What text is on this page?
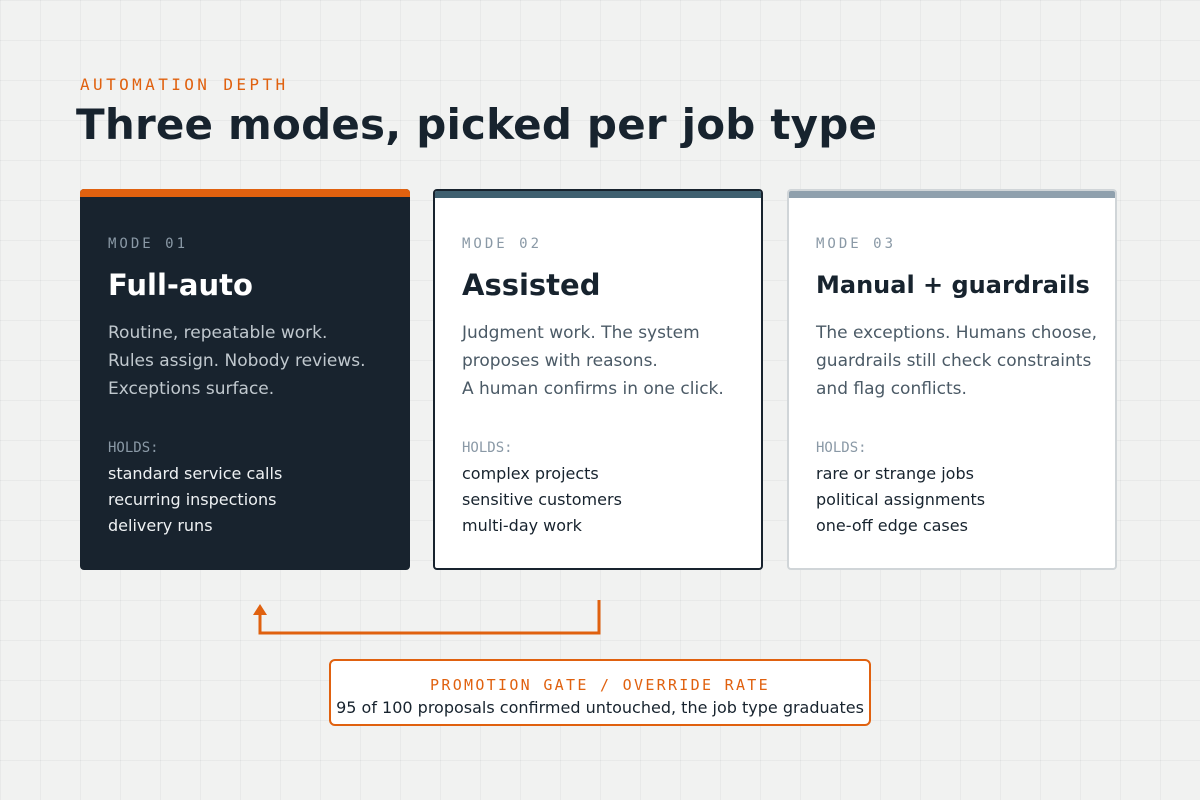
AUTOMATION DEPTH
Three modes, picked per job type
MODE 01
Full-auto
Routine, repeatable work.
Rules assign. Nobody reviews.
Exceptions surface.
HOLDS:
standard service calls
recurring inspections
delivery runs
MODE 02
Assisted
Judgment work. The system
proposes with reasons.
A human confirms in one click.
HOLDS:
complex projects
sensitive customers
multi-day work
MODE 03
Manual + guardrails
The exceptions. Humans choose,
guardrails still check constraints
and flag conflicts.
HOLDS:
rare or strange jobs
political assignments
one-off edge cases
PROMOTION GATE / OVERRIDE RATE
95 of 100 proposals confirmed untouched, the job type graduates
